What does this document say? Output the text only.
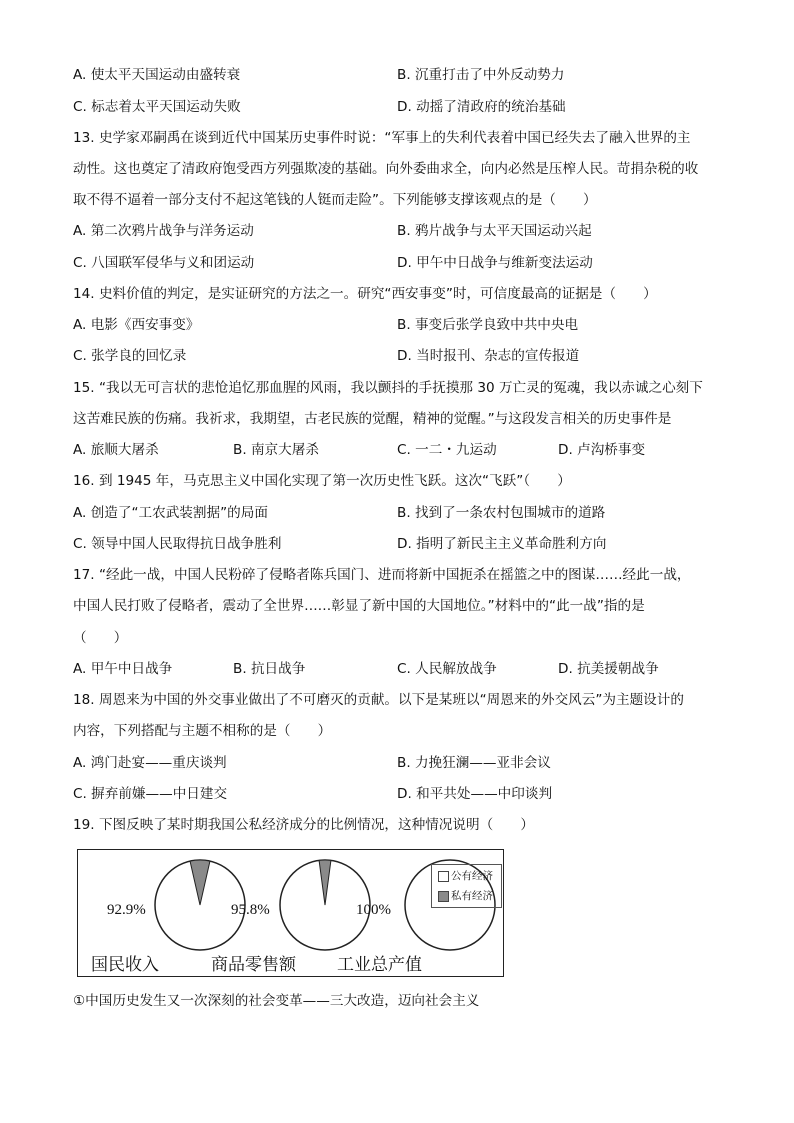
A. 使太平天国运动由盛转衰	B. 沉重打击了中外反动势力
C. 标志着太平天国运动失败	D. 动摇了清政府的统治基础
13. 史学家邓嗣禹在谈到近代中国某历史事件时说：“军事上的失利代表着中国已经失去了融入世界的主
动性。这也奠定了清政府饱受西方列强欺凌的基础。向外委曲求全，向内必然是压榨人民。苛捐杂税的收
取不得不逼着一部分支付不起这笔钱的人铤而走险”。下列能够支撑该观点的是（　　）
A. 第二次鸦片战争与洋务运动	B. 鸦片战争与太平天国运动兴起
C. 八国联军侵华与义和团运动	D. 甲午中日战争与维新变法运动
14. 史料价值的判定，是实证研究的方法之一。研究“西安事变”时，可信度最高的证据是（　　）
A. 电影《西安事变》	B. 事变后张学良致中共中央电
C. 张学良的回忆录	D. 当时报刊、杂志的宣传报道
15. “我以无可言状的悲怆追忆那血腥的风雨，我以颤抖的手抚摸那 30 万亡灵的冤魂，我以赤诚之心刻下
这苦难民族的伤痛。我祈求，我期望，古老民族的觉醒，精神的觉醒。”与这段发言相关的历史事件是
A. 旅顺大屠杀	B. 南京大屠杀	C. 一二・九运动	D. 卢沟桥事变
16. 到 1945 年，马克思主义中国化实现了第一次历史性飞跃。这次“飞跃”（　　）
A. 创造了“工农武装割据”的局面	B. 找到了一条农村包围城市的道路
C. 领导中国人民取得抗日战争胜利	D. 指明了新民主主义革命胜利方向
17. “经此一战，中国人民粉碎了侵略者陈兵国门、进而将新中国扼杀在摇篮之中的图谋……经此一战，
中国人民打败了侵略者，震动了全世界……彰显了新中国的大国地位。”材料中的“此一战”指的是
（　　）
A. 甲午中日战争	B. 抗日战争	C. 人民解放战争	D. 抗美援朝战争
18. 周恩来为中国的外交事业做出了不可磨灭的贡献。以下是某班以“周恩来的外交风云”为主题设计的
内容，下列搭配与主题不相称的是（　　）
A. 鸿门赴宴——重庆谈判	B. 力挽狂澜——亚非会议
C. 摒弃前嫌——中日建交	D. 和平共处——中印谈判
19. 下图反映了某时期我国公私经济成分的比例情况，这种情况说明（　　）
公有经济
私有经济
92.9%	95.8%	100%
国民收入	商品零售额 工业总产值
①中国历史发生又一次深刻的社会变革——三大改造，迈向社会主义
